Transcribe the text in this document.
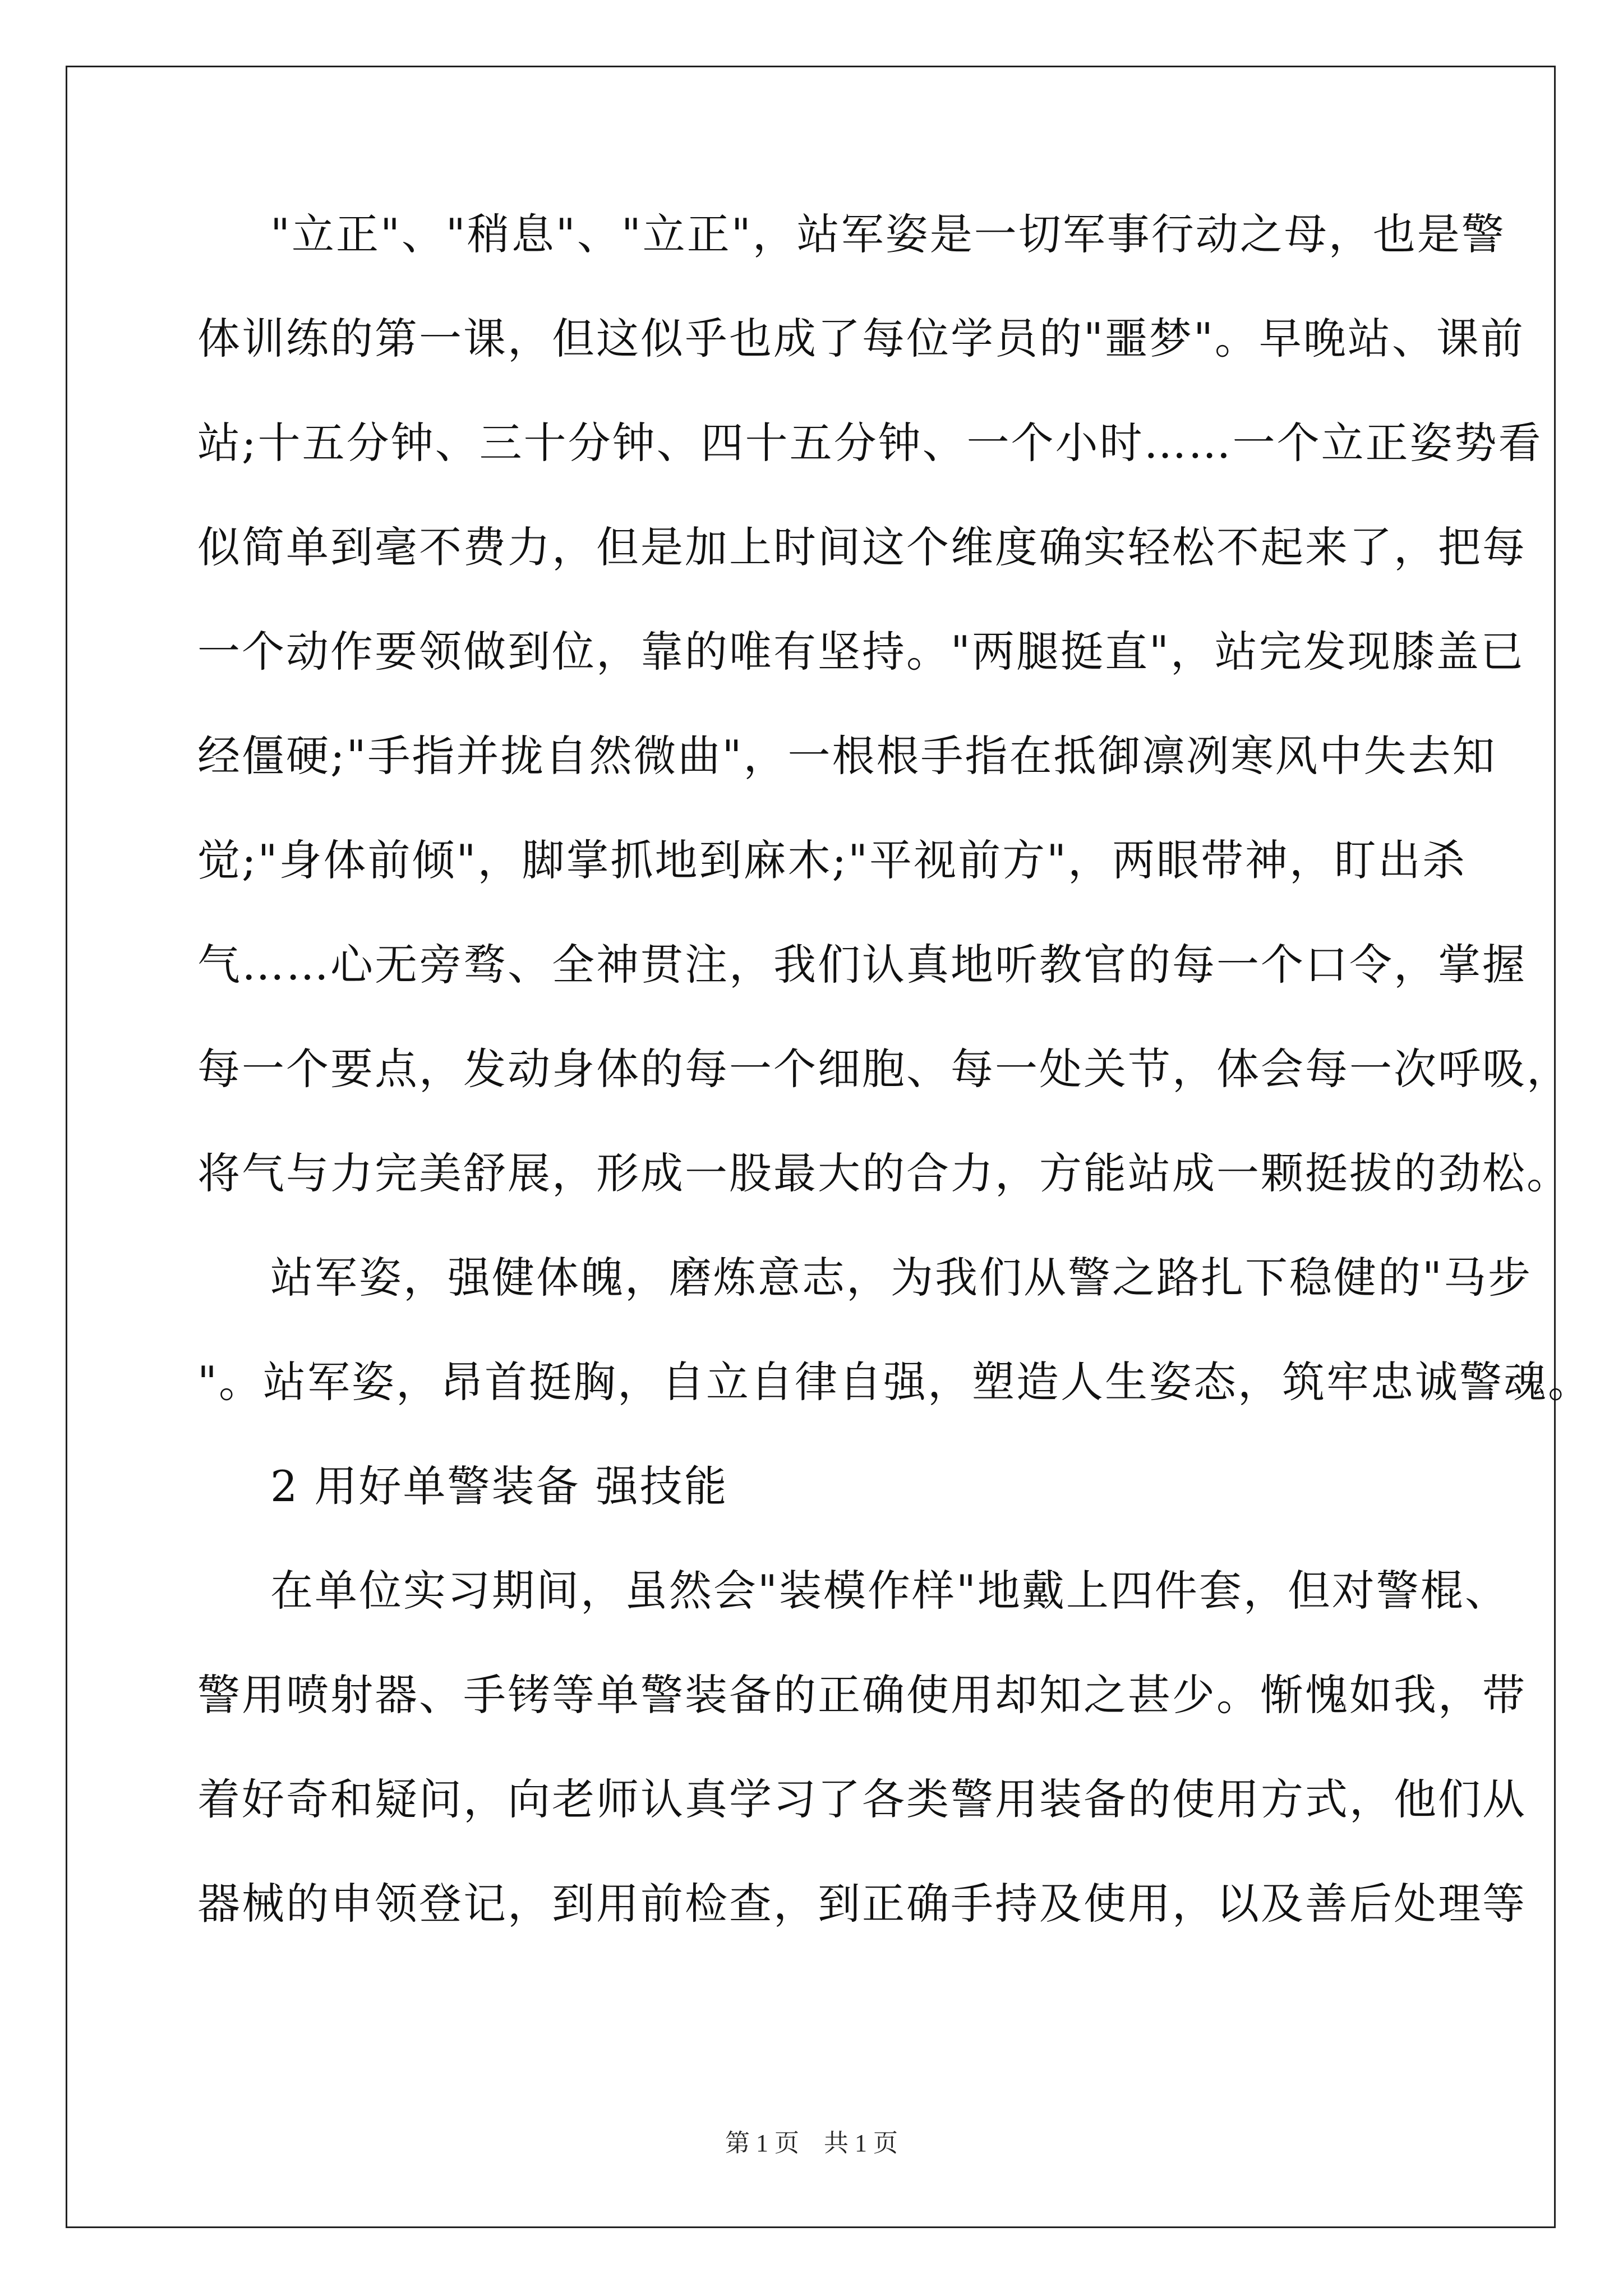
"立正"、"稍息"、"立正"，站军姿是一切军事行动之母，也是警
体训练的第一课，但这似乎也成了每位学员的"噩梦"。早晚站、课前
站;十五分钟、三十分钟、四十五分钟、一个小时……一个立正姿势看
似简单到毫不费力，但是加上时间这个维度确实轻松不起来了，把每
一个动作要领做到位，靠的唯有坚持。"两腿挺直"，站完发现膝盖已
经僵硬;"手指并拢自然微曲"，一根根手指在抵御凛冽寒风中失去知
觉;"身体前倾"，脚掌抓地到麻木;"平视前方"，两眼带神，盯出杀
气……心无旁骛、全神贯注，我们认真地听教官的每一个口令，掌握
每一个要点，发动身体的每一个细胞、每一处关节，体会每一次呼吸，
将气与力完美舒展，形成一股最大的合力，方能站成一颗挺拔的劲松。
站军姿，强健体魄，磨炼意志，为我们从警之路扎下稳健的"马步
"。站军姿，昂首挺胸，自立自律自强，塑造人生姿态，筑牢忠诚警魂。
2 用好单警装备 强技能
在单位实习期间，虽然会"装模作样"地戴上四件套，但对警棍、
警用喷射器、手铐等单警装备的正确使用却知之甚少。惭愧如我，带
着好奇和疑问，向老师认真学习了各类警用装备的使用方式，他们从
器械的申领登记，到用前检查，到正确手持及使用，以及善后处理等
第 1 页 共 1 页
